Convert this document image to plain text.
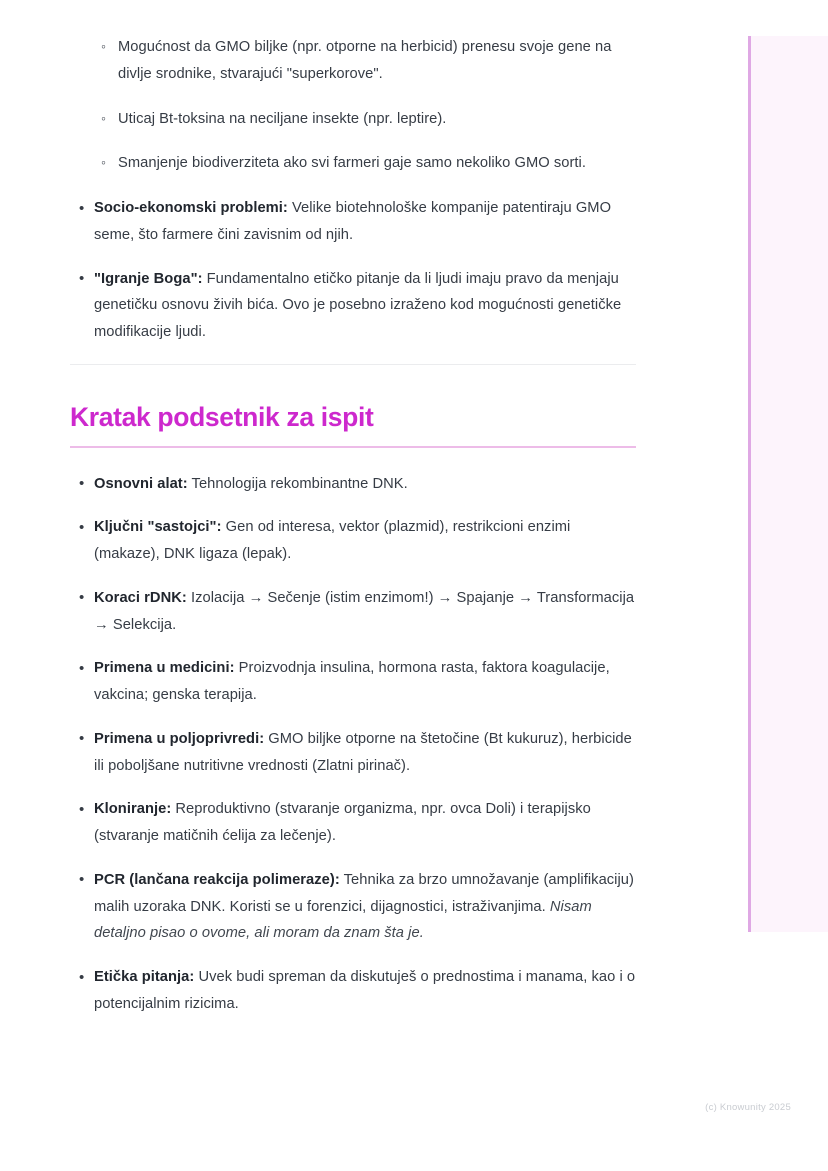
◦ Mogućnost da GMO biljke (npr. otporne na herbicid) prenesu svoje gene na divlje srodnike, stvarajući "superkorove".
◦ Uticaj Bt-toksina na neciljane insekte (npr. leptire).
◦ Smanjenje biodiverziteta ako svi farmeri gaje samo nekoliko GMO sorti.
• Socio-ekonomski problemi: Velike biotehnološke kompanije patentiraju GMO seme, što farmere čini zavisnim od njih.
• "Igranje Boga": Fundamentalno etičko pitanje da li ljudi imaju pravo da menjaju genetičku osnovu živih bića. Ovo je posebno izraženo kod mogućnosti genetičke modifikacije ljudi.
Kratak podsetnik za ispit
• Osnovni alat: Tehnologija rekombinantne DNK.
• Ključni "sastojci": Gen od interesa, vektor (plazmid), restrikcioni enzimi (makaze), DNK ligaza (lepak).
• Koraci rDNK: Izolacija → Sečenje (istim enzimom!) → Spajanje → Transformacija → Selekcija.
• Primena u medicini: Proizvodnja insulina, hormona rasta, faktora koagulacije, vakcina; genska terapija.
• Primena u poljoprivredi: GMO biljke otporne na štetočine (Bt kukuruz), herbicide ili poboljšane nutritivne vrednosti (Zlatni pirinač).
• Kloniranje: Reproduktivno (stvaranje organizma, npr. ovca Doli) i terapijsko (stvaranje matičnih ćelija za lečenje).
• PCR (lančana reakcija polimeraze): Tehnika za brzo umnožavanje (amplifikaciju) malih uzoraka DNK. Koristi se u forenzici, dijagnostici, istraživanjima. Nisam detaljno pisao o ovome, ali moram da znam šta je.
• Etička pitanja: Uvek budi spreman da diskutuješ o prednostima i manama, kao i o potencijalnim rizicima.
(c) Knowunity 2025
